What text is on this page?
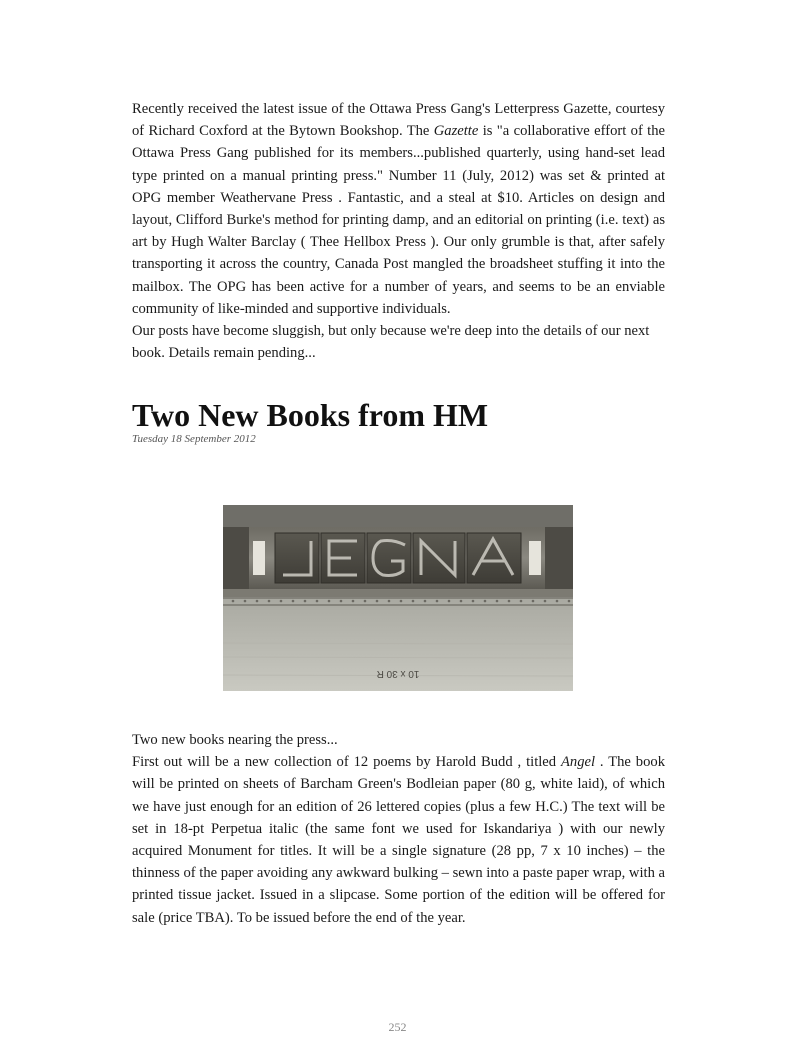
Recently received the latest issue of the Ottawa Press Gang's Letterpress Gazette, courtesy of Richard Coxford at the Bytown Bookshop. The Gazette is "a collaborative effort of the Ottawa Press Gang published for its members...published quarterly, using hand-set lead type printed on a manual printing press." Number 11 (July, 2012) was set & printed at OPG member Weathervane Press . Fantastic, and a steal at $10. Articles on design and layout, Clifford Burke's method for printing damp, and an editorial on printing (i.e. text) as art by Hugh Walter Barclay ( Thee Hellbox Press ). Our only grumble is that, after safely transporting it across the country, Canada Post mangled the broadsheet stuffing it into the mailbox. The OPG has been active for a number of years, and seems to be an enviable community of like-minded and supportive individuals.

Our posts have become sluggish, but only because we're deep into the details of our next book. Details remain pending...

Two New Books from HM
Tuesday 18 September 2012
10 x 30 R

Two new books nearing the press...

First out will be a new collection of 12 poems by Harold Budd , titled Angel . The book will be printed on sheets of Barcham Green's Bodleian paper (80 g, white laid), of which we have just enough for an edition of 26 lettered copies (plus a few H.C.) The text will be set in 18-pt Perpetua italic (the same font we used for Iskandariya ) with our newly acquired Monument for titles. It will be a single signature (28 pp, 7 x 10 inches) – the thinness of the paper avoiding any awkward bulking – sewn into a paste paper wrap, with a printed tissue jacket. Issued in a slipcase. Some portion of the edition will be offered for sale (price TBA). To be issued before the end of the year.

252
